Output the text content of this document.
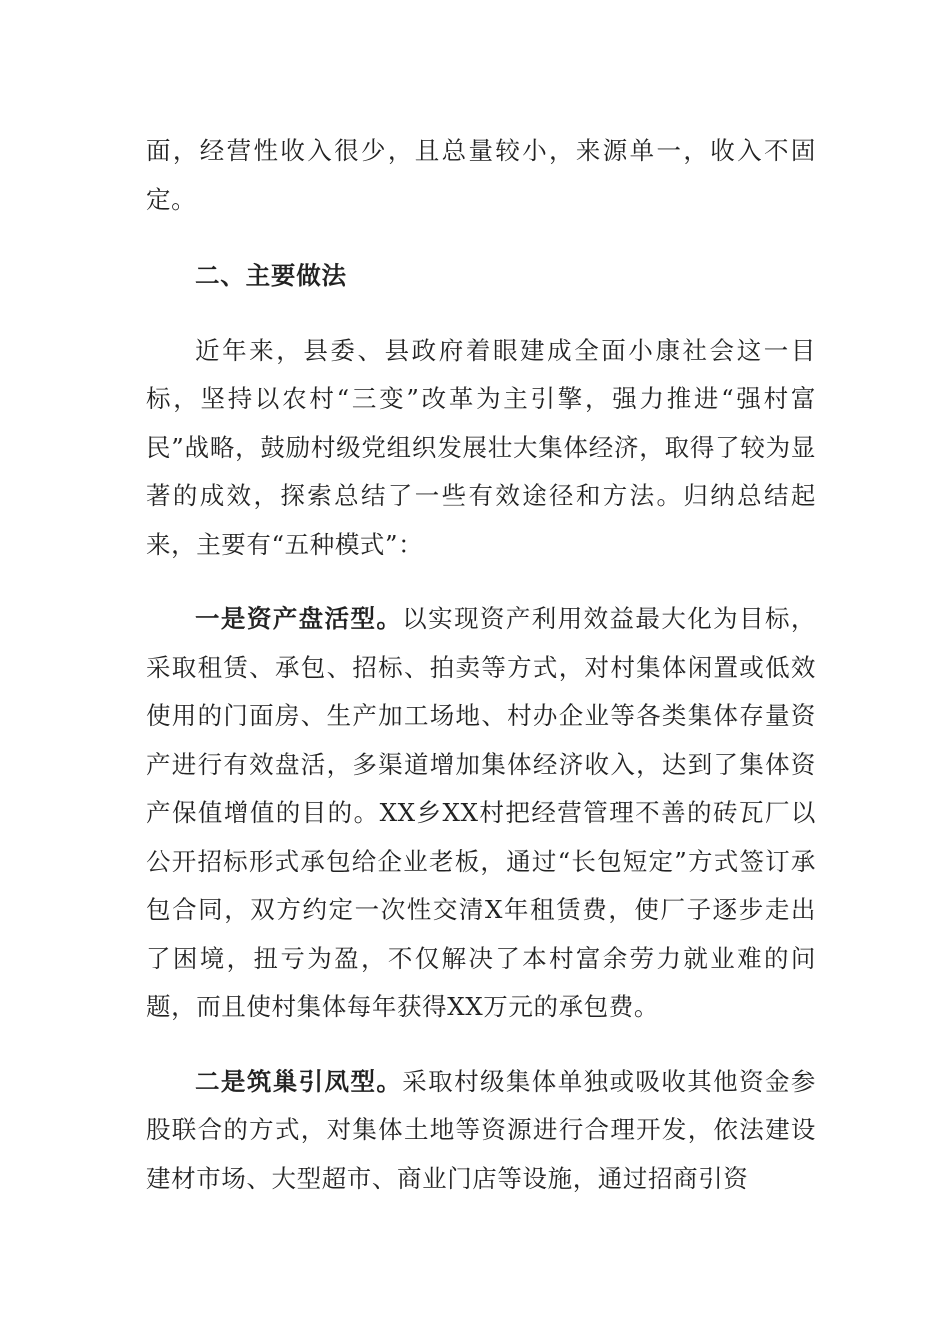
面，经营性收入很少，且总量较小，来源单一，收入不固定。

二、主要做法

近年来，县委、县政府着眼建成全面小康社会这一目标，坚持以农村“三变”改革为主引擎，强力推进“强村富民”战略，鼓励村级党组织发展壮大集体经济，取得了较为显著的成效，探索总结了一些有效途径和方法。归纳总结起来，主要有“五种模式”：

一是资产盘活型。以实现资产利用效益最大化为目标，采取租赁、承包、招标、拍卖等方式，对村集体闲置或低效使用的门面房、生产加工场地、村办企业等各类集体存量资产进行有效盘活，多渠道增加集体经济收入，达到了集体资产保值增值的目的。XX乡XX村把经营管理不善的砖瓦厂以公开招标形式承包给企业老板，通过“长包短定”方式签订承包合同，双方约定一次性交清X年租赁费，使厂子逐步走出了困境，扭亏为盈，不仅解决了本村富余劳力就业难的问题，而且使村集体每年获得XX万元的承包费。

二是筑巢引凤型。采取村级集体单独或吸收其他资金参股联合的方式，对集体土地等资源进行合理开发，依法建设建材市场、大型超市、商业门店等设施，通过招商引资
